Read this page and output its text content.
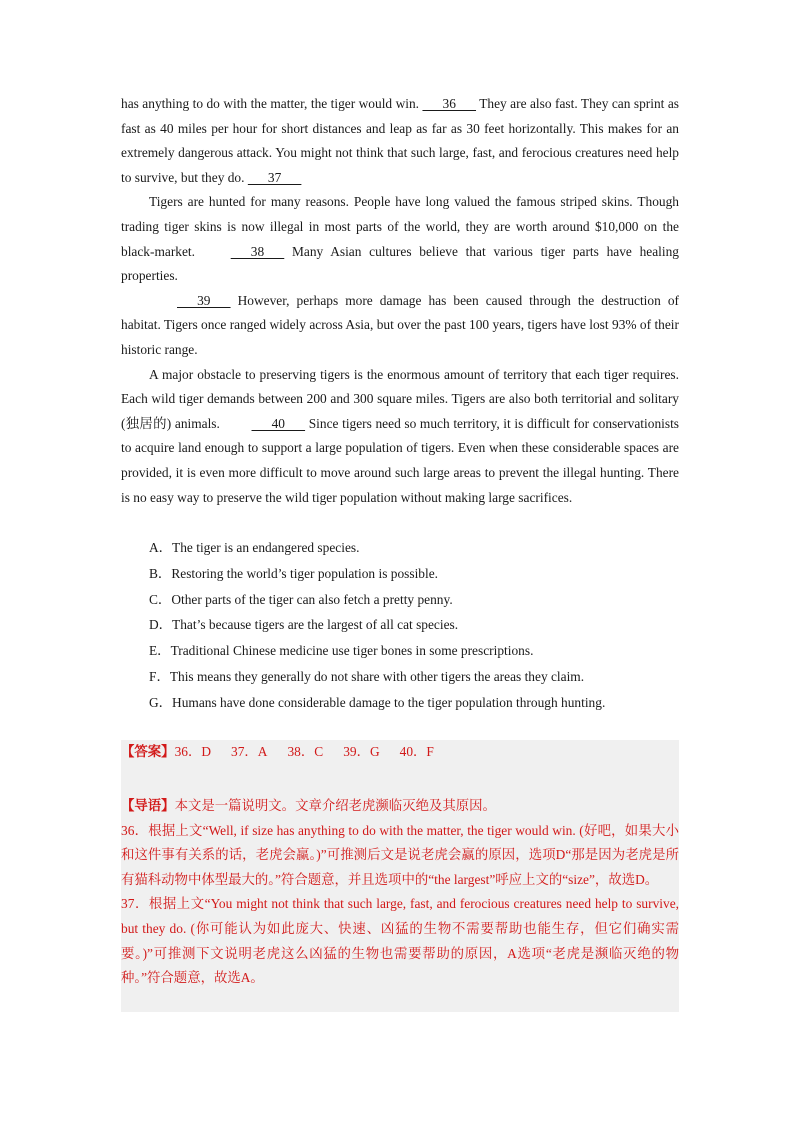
has anything to do with the matter, the tiger would win.       36       They are also fast. They can sprint as fast as 40 miles per hour for short distances and leap as far as 30 feet horizontally. This makes for an extremely dangerous attack. You might not think that such large, fast, and ferocious creatures need help to survive, but they do.       37

Tigers are hunted for many reasons. People have long valued the famous striped skins. Though trading tiger skins is now illegal in most parts of the world, they are worth around $10,000 on the black-market.       38       Many Asian cultures believe that various tiger parts have healing properties.

39       However, perhaps more damage has been caused through the destruction of habitat. Tigers once ranged widely across Asia, but over the past 100 years, tigers have lost 93% of their historic range.

A major obstacle to preserving tigers is the enormous amount of territory that each tiger requires. Each wild tiger demands between 200 and 300 square miles. Tigers are also both territorial and solitary (独居的) animals.       40       Since tigers need so much territory, it is difficult for conservationists to acquire land enough to support a large population of tigers. Even when these considerable spaces are provided, it is even more difficult to move around such large areas to prevent the illegal hunting. There is no easy way to preserve the wild tiger population without making large sacrifices.

A．The tiger is an endangered species.

B．Restoring the world’s tiger population is possible.

C．Other parts of the tiger can also fetch a pretty penny.

D．That’s because tigers are the largest of all cat species.

E．Traditional Chinese medicine use tiger bones in some prescriptions.

F．This means they generally do not share with other tigers the areas they claim.

G．Humans have done considerable damage to the tiger population through hunting.

【答案】36．D 37．A 38．C 39．G 40．F

【导语】本文是一篇说明文。文章介绍老虎濒临灭绝及其原因。

36．根据上文“Well, if size has anything to do with the matter, the tiger would win. (好吧，如果大小和这件事有关系的话，老虎会赢。)”可推测后文是说老虎会赢的原因，选项D“那是因为老虎是所有猫科动物中体型最大的。”符合题意，并且选项中的“the largest”呼应上文的“size”，故选D。

37．根据上文“You might not think that such large, fast, and ferocious creatures need help to survive, but they do. (你可能认为如此庞大、快速、凶猛的生物不需要帮助也能生存，但它们确实需要。)”可推测下文说明老虎这么凶猛的生物也需要帮助的原因，A选项“老虎是濒临灭绝的物种。”符合题意，故选A。
